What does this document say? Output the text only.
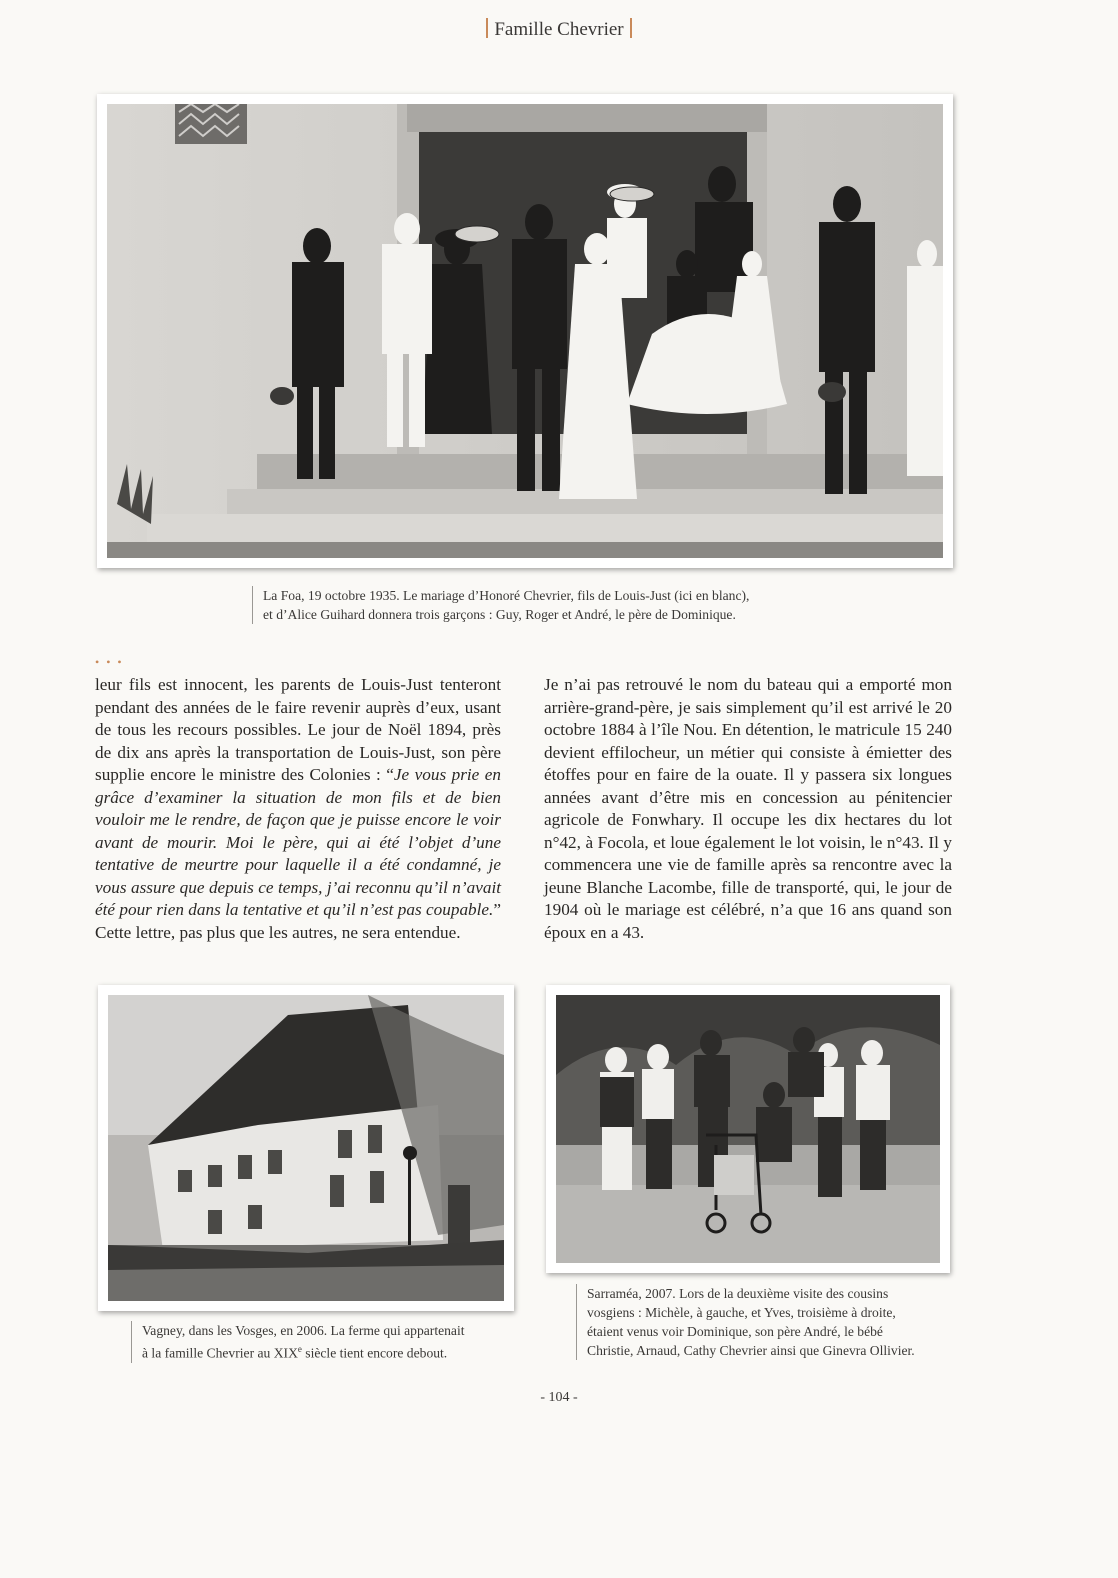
Famille Chevrier
La Foa, 19 octobre 1935. Le mariage d’Honoré Chevrier, fils de Louis-Just (ici en blanc),
et d’Alice Guihard donnera trois garçons : Guy, Roger et André, le père de Dominique.
• • •
leur fils est innocent, les parents de Louis-Just tenteront pendant des années de le faire revenir auprès d’eux, usant de tous les recours possibles. Le jour de Noël 1894, près de dix ans après la transportation de Louis-Just, son père supplie encore le ministre des Colonies : “Je vous prie en grâce d’examiner la situation de mon fils et de bien vouloir me le rendre, de façon que je puisse encore le voir avant de mourir. Moi le père, qui ai été l’objet d’une tentative de meurtre pour laquelle il a été condamné, je vous assure que depuis ce temps, j’ai reconnu qu’il n’avait été pour rien dans la tentative et qu’il n’est pas coupable.” Cette lettre, pas plus que les autres, ne sera entendue.
Je n’ai pas retrouvé le nom du bateau qui a emporté mon arrière-grand-père, je sais simplement qu’il est arrivé le 20 octobre 1884 à l’île Nou. En détention, le matricule 15 240 devient effilocheur, un métier qui consiste à émietter des étoffes pour en faire de la ouate. Il y passera six longues années avant d’être mis en concession au pénitencier agricole de Fonwhary. Il occupe les dix hectares du lot n°42, à Focola, et loue également le lot voisin, le n°43. Il y commencera une vie de famille après sa rencontre avec la jeune Blanche Lacombe, fille de transporté, qui, le jour de 1904 où le mariage est célébré, n’a que 16 ans quand son époux en a 43.
Vagney, dans les Vosges, en 2006. La ferme qui appartenait
à la famille Chevrier au XIXe siècle tient encore debout.
Sarraméa, 2007. Lors de la deuxième visite des cousins
vosgiens : Michèle, à gauche, et Yves, troisième à droite,
étaient venus voir Dominique, son père André, le bébé
Christie, Arnaud, Cathy Chevrier ainsi que Ginevra Ollivier.
- 104 -
